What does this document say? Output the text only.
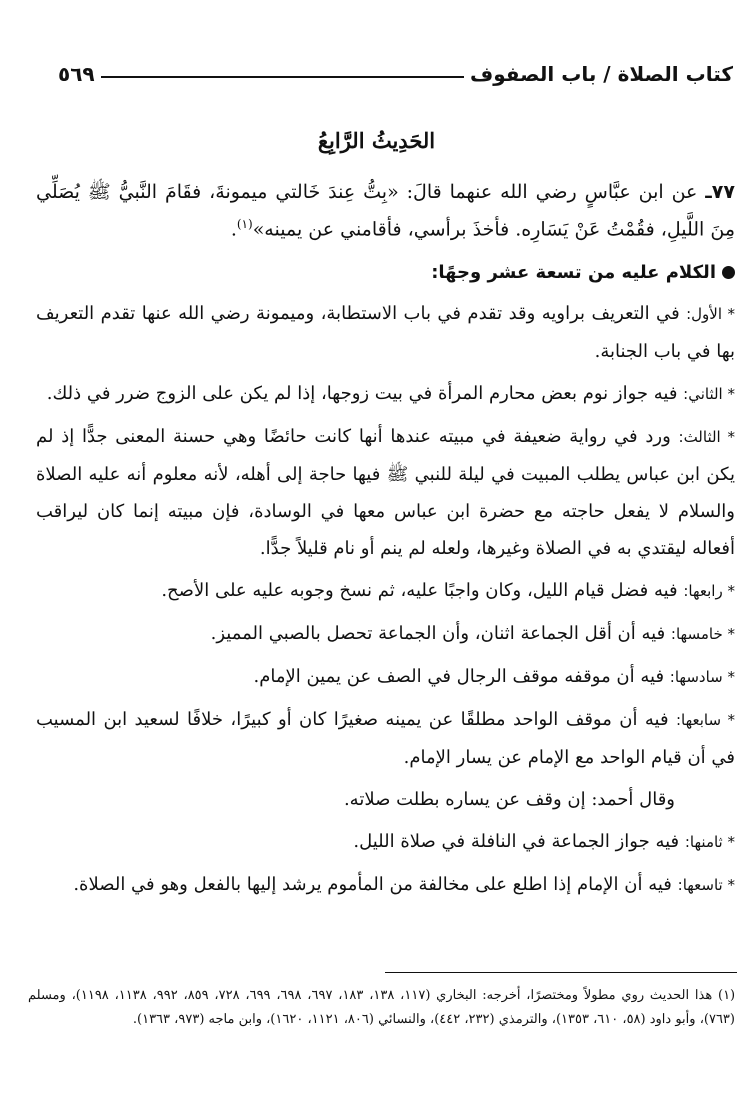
كتاب الصلاة / باب الصفوف
٥٦٩
الحَدِيثُ الرَّابِعُ

٧٧ـ عن ابن عبَّاسٍ رضي الله عنهما قالَ: «بِتُّ عِندَ خَالتي ميمونةَ، فقَامَ النَّبيُّ ﷺ يُصَلِّي مِنَ اللَّيلِ، فقُمْتُ عَنْ يَسَارِه. فأخذَ برأسي، فأقامني عن يمينه»$^{(١)}$.

الكلام عليه من تسعة عشر وجهًا:

* الأول: في التعريف براويه وقد تقدم في باب الاستطابة، وميمونة رضي الله عنها تقدم التعريف بها في باب الجنابة.

* الثاني: فيه جواز نوم بعض محارم المرأة في بيت زوجها، إذا لم يكن على الزوج ضرر في ذلك.

* الثالث: ورد في رواية ضعيفة في مبيته عندها أنها كانت حائضًا وهي حسنة المعنى جدًّا إذ لم يكن ابن عباس يطلب المبيت في ليلة للنبي ﷺ فيها حاجة إلى أهله، لأنه معلوم أنه عليه الصلاة والسلام لا يفعل حاجته مع حضرة ابن عباس معها في الوسادة، فإن مبيته إنما كان ليراقب أفعاله ليقتدي به في الصلاة وغيرها، ولعله لم ينم أو نام قليلاً جدًّا.

* رابعها: فيه فضل قيام الليل، وكان واجبًا عليه، ثم نسخ وجوبه عليه على الأصح.

* خامسها: فيه أن أقل الجماعة اثنان، وأن الجماعة تحصل بالصبي المميز.

* سادسها: فيه أن موقفه موقف الرجال في الصف عن يمين الإمام.

* سابعها: فيه أن موقف الواحد مطلقًا عن يمينه صغيرًا كان أو كبيرًا، خلافًا لسعيد ابن المسيب في أن قيام الواحد مع الإمام عن يسار الإمام.

وقال أحمد: إن وقف عن يساره بطلت صلاته.

* ثامنها: فيه جواز الجماعة في النافلة في صلاة الليل.

* تاسعها: فيه أن الإمام إذا اطلع على مخالفة من المأموم يرشد إليها بالفعل وهو في الصلاة.

(١) هذا الحديث روي مطولاً ومختصرًا، أخرجه: البخاري (١١٧، ١٣٨، ١٨٣، ٦٩٧، ٦٩٨، ٦٩٩، ٧٢٨، ٨٥٩، ٩٩٢، ١١٣٨، ١١٩٨)، ومسلم (٧٦٣)، وأبو داود (٥٨، ٦١٠، ١٣٥٣)، والترمذي (٢٣٢، ٤٤٢)، والنسائي (٨٠٦، ١١٢١، ١٦٢٠)، وابن ماجه (٩٧٣، ١٣٦٣).
